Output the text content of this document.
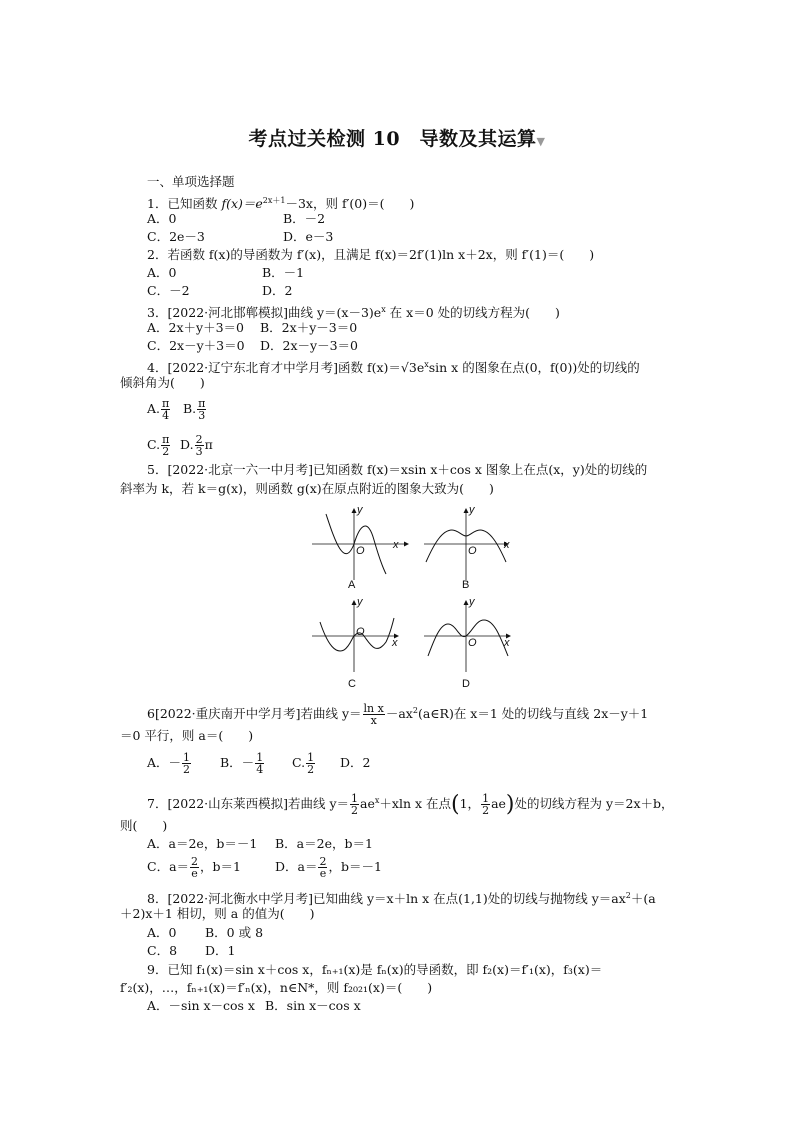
考点过关检测 10　导数及其运算▼
一、单项选择题
1．已知函数 $f(x)=e^{2x+1}-3x$，则 f′(0)＝(　　)
A．0	B．－2
C．2e－3	D．e－3
2．若函数 f(x)的导函数为 f′(x)，且满足 f(x)＝2f′(1)ln x＋2x，则 f′(1)＝(　　)
A．0	B．－1
C．－2	D．2
3．[2022·河北邯郸模拟]曲线 $y=(x-3)e^x$ 在 x＝0 处的切线方程为(　　)
A．2x＋y＋3＝0 B．2x＋y－3＝0
C．2x－y＋3＝0 D．2x－y－3＝0
4．[2022·辽宁东北育才中学月考]函数 $f(x)=√3e^x\sin$ x 的图象在点(0，f(0))处的切线的
倾斜角为(　　)
A. $\frac{\pi}{4} B$. $\frac{\pi}{3}$
C. $\frac{\pi}{2} D$. $\frac{2}{3}$ π
5．[2022·北京一六一中月考]已知函数 f(x)＝xsin x＋cos x 图象上在点(x，y)处的切线的
斜率为 k，若 k＝g(x)，则函数 g(x)在原点附近的图象大致为(　　)
y
x
O
A
y
x
O
B
y
x
O
C
y
x
O
D
6[2022·重庆南开中学月考]若曲线 $y= \frac{\text{ln x}}{x}$ $-ax^2(a\in R)$在 x＝1 处的切线与直线 2x－y＋1
＝0 平行，则 a＝(　　)
A．－ $\frac{1}{2}$ B．－ $\frac{1}{4} C$. $\frac{1}{2}$ D．2
7．[2022·山东莱西模拟]若曲线 $y= \frac{1}{2} ae^x+xln$ x 在点(1， $\frac{1}{2} ae$)处的切线方程为 y＝2x＋b，
则(　　)
A．a＝2e，b＝－1 B．a＝2e，b＝1
C．$a= \frac{2}{e}$ ，b＝1	D．$a= \frac{2}{e}$ ，b＝－1
8．[2022·河北衡水中学月考]已知曲线 y＝x＋ln x 在点(1,1)处的切线与抛物线 $y=ax^2+(a$
＋2)x＋1 相切，则 a 的值为(　　)
A．0 B．0 或 8
C．8 D．1
9．已知 f₁(x)＝sin x＋cos x，fₙ₊₁(x)是 fₙ(x)的导函数，即 f₂(x)＝f′₁(x)，f₃(x)＝
f′₂(x)，…，fₙ₊₁(x)＝f′ₙ(x)，n∈N*，则 f₂₀₂₁(x)＝(　　)
A．－sin x－cos x B．sin x－cos x
